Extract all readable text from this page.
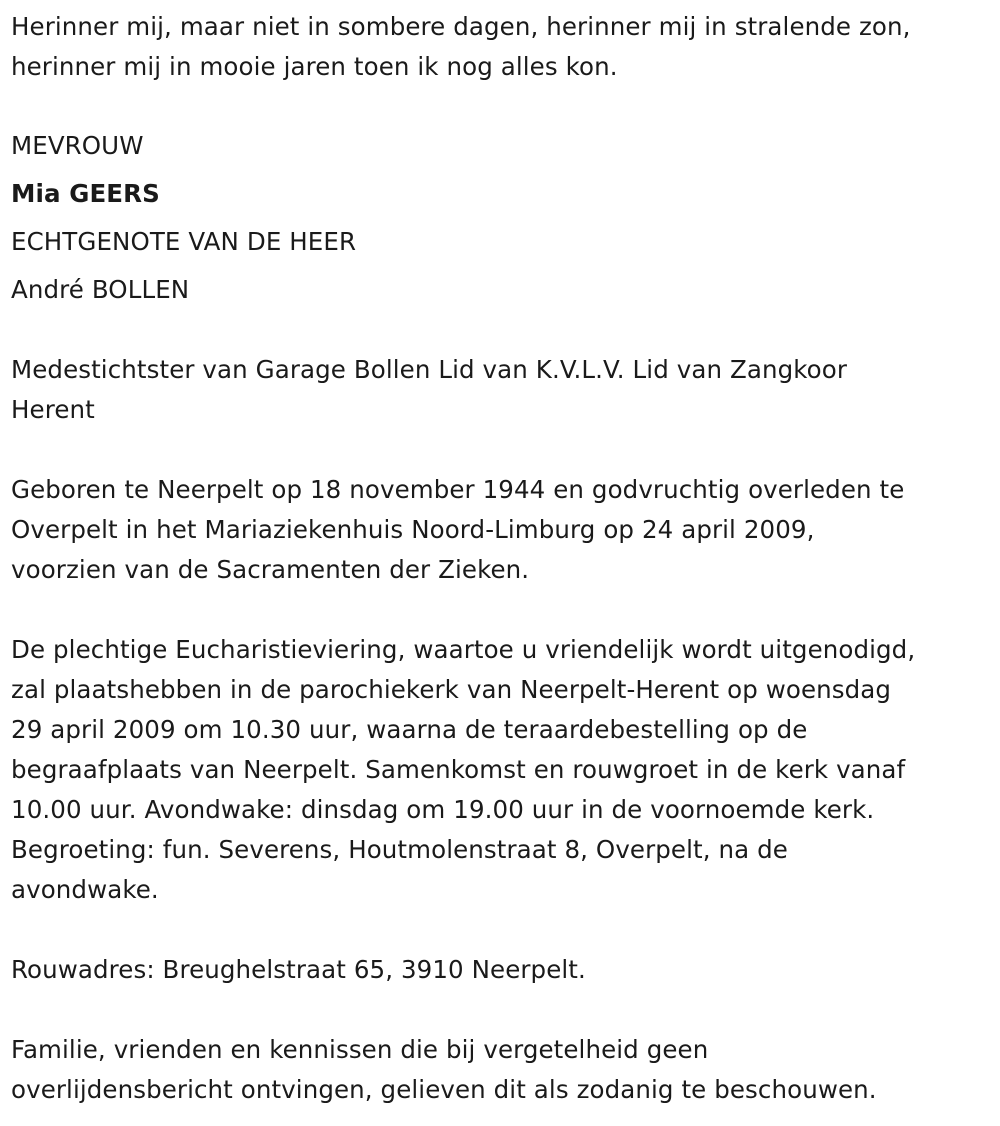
Herinner mij, maar niet in sombere dagen, herinner mij in stralende zon,
herinner mij in mooie jaren toen ik nog alles kon.
MEVROUW
Mia GEERS
ECHTGENOTE VAN DE HEER
André BOLLEN
Medestichtster van Garage Bollen Lid van K.V.L.V. Lid van Zangkoor
Herent
Geboren te Neerpelt op 18 november 1944 en godvruchtig overleden te
Overpelt in het Mariaziekenhuis Noord-Limburg op 24 april 2009,
voorzien van de Sacramenten der Zieken.
De plechtige Eucharistieviering, waartoe u vriendelijk wordt uitgenodigd,
zal plaatshebben in de parochiekerk van Neerpelt-Herent op woensdag
29 april 2009 om 10.30 uur, waarna de teraardebestelling op de
begraafplaats van Neerpelt. Samenkomst en rouwgroet in de kerk vanaf
10.00 uur. Avondwake: dinsdag om 19.00 uur in de voornoemde kerk.
Begroeting: fun. Severens, Houtmolenstraat 8, Overpelt, na de
avondwake.
Rouwadres: Breughelstraat 65, 3910 Neerpelt.
Familie, vrienden en kennissen die bij vergetelheid geen
overlijdensbericht ontvingen, gelieven dit als zodanig te beschouwen.
